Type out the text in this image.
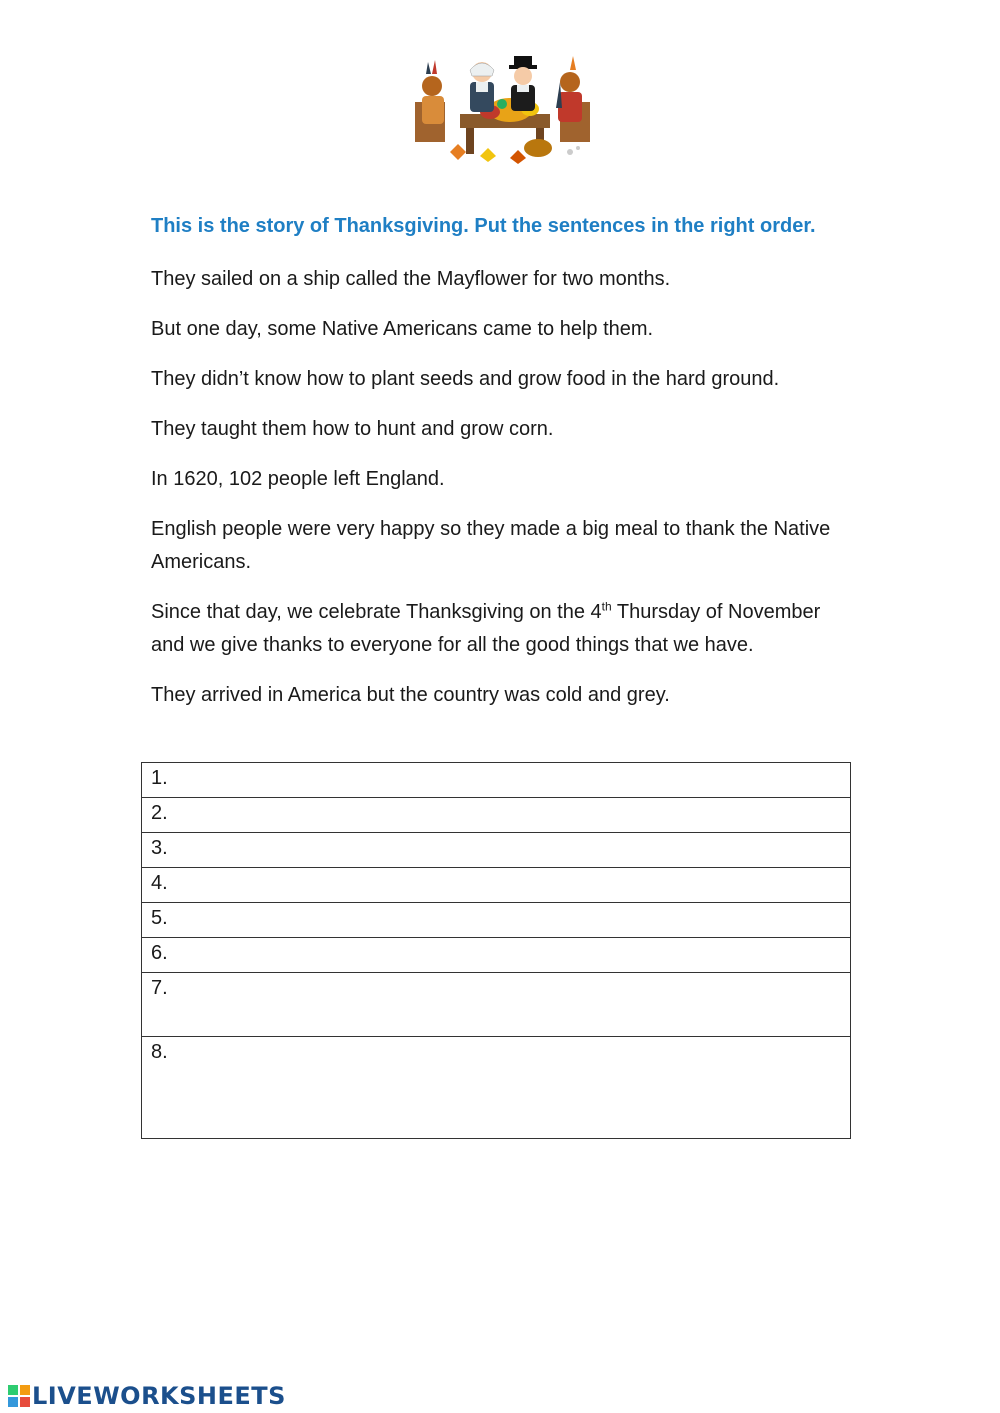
This is the story of Thanksgiving. Put the sentences in the right order.

They sailed on a ship called the Mayflower for two months.

But one day, some Native Americans came to help them.

They didn’t know how to plant seeds and grow food in the hard ground.

They taught them how to hunt and grow corn.

In 1620, 102 people left England.

English people were very happy so they made a big meal to thank the Native Americans.

Since that day, we celebrate Thanksgiving on the 4th Thursday of November and we give thanks to everyone for all the good things that we have.

They arrived in America but the country was cold and grey.

1.
2.
3.
4.
5.
6.
7.
8.
LIVEWORKSHEETS
